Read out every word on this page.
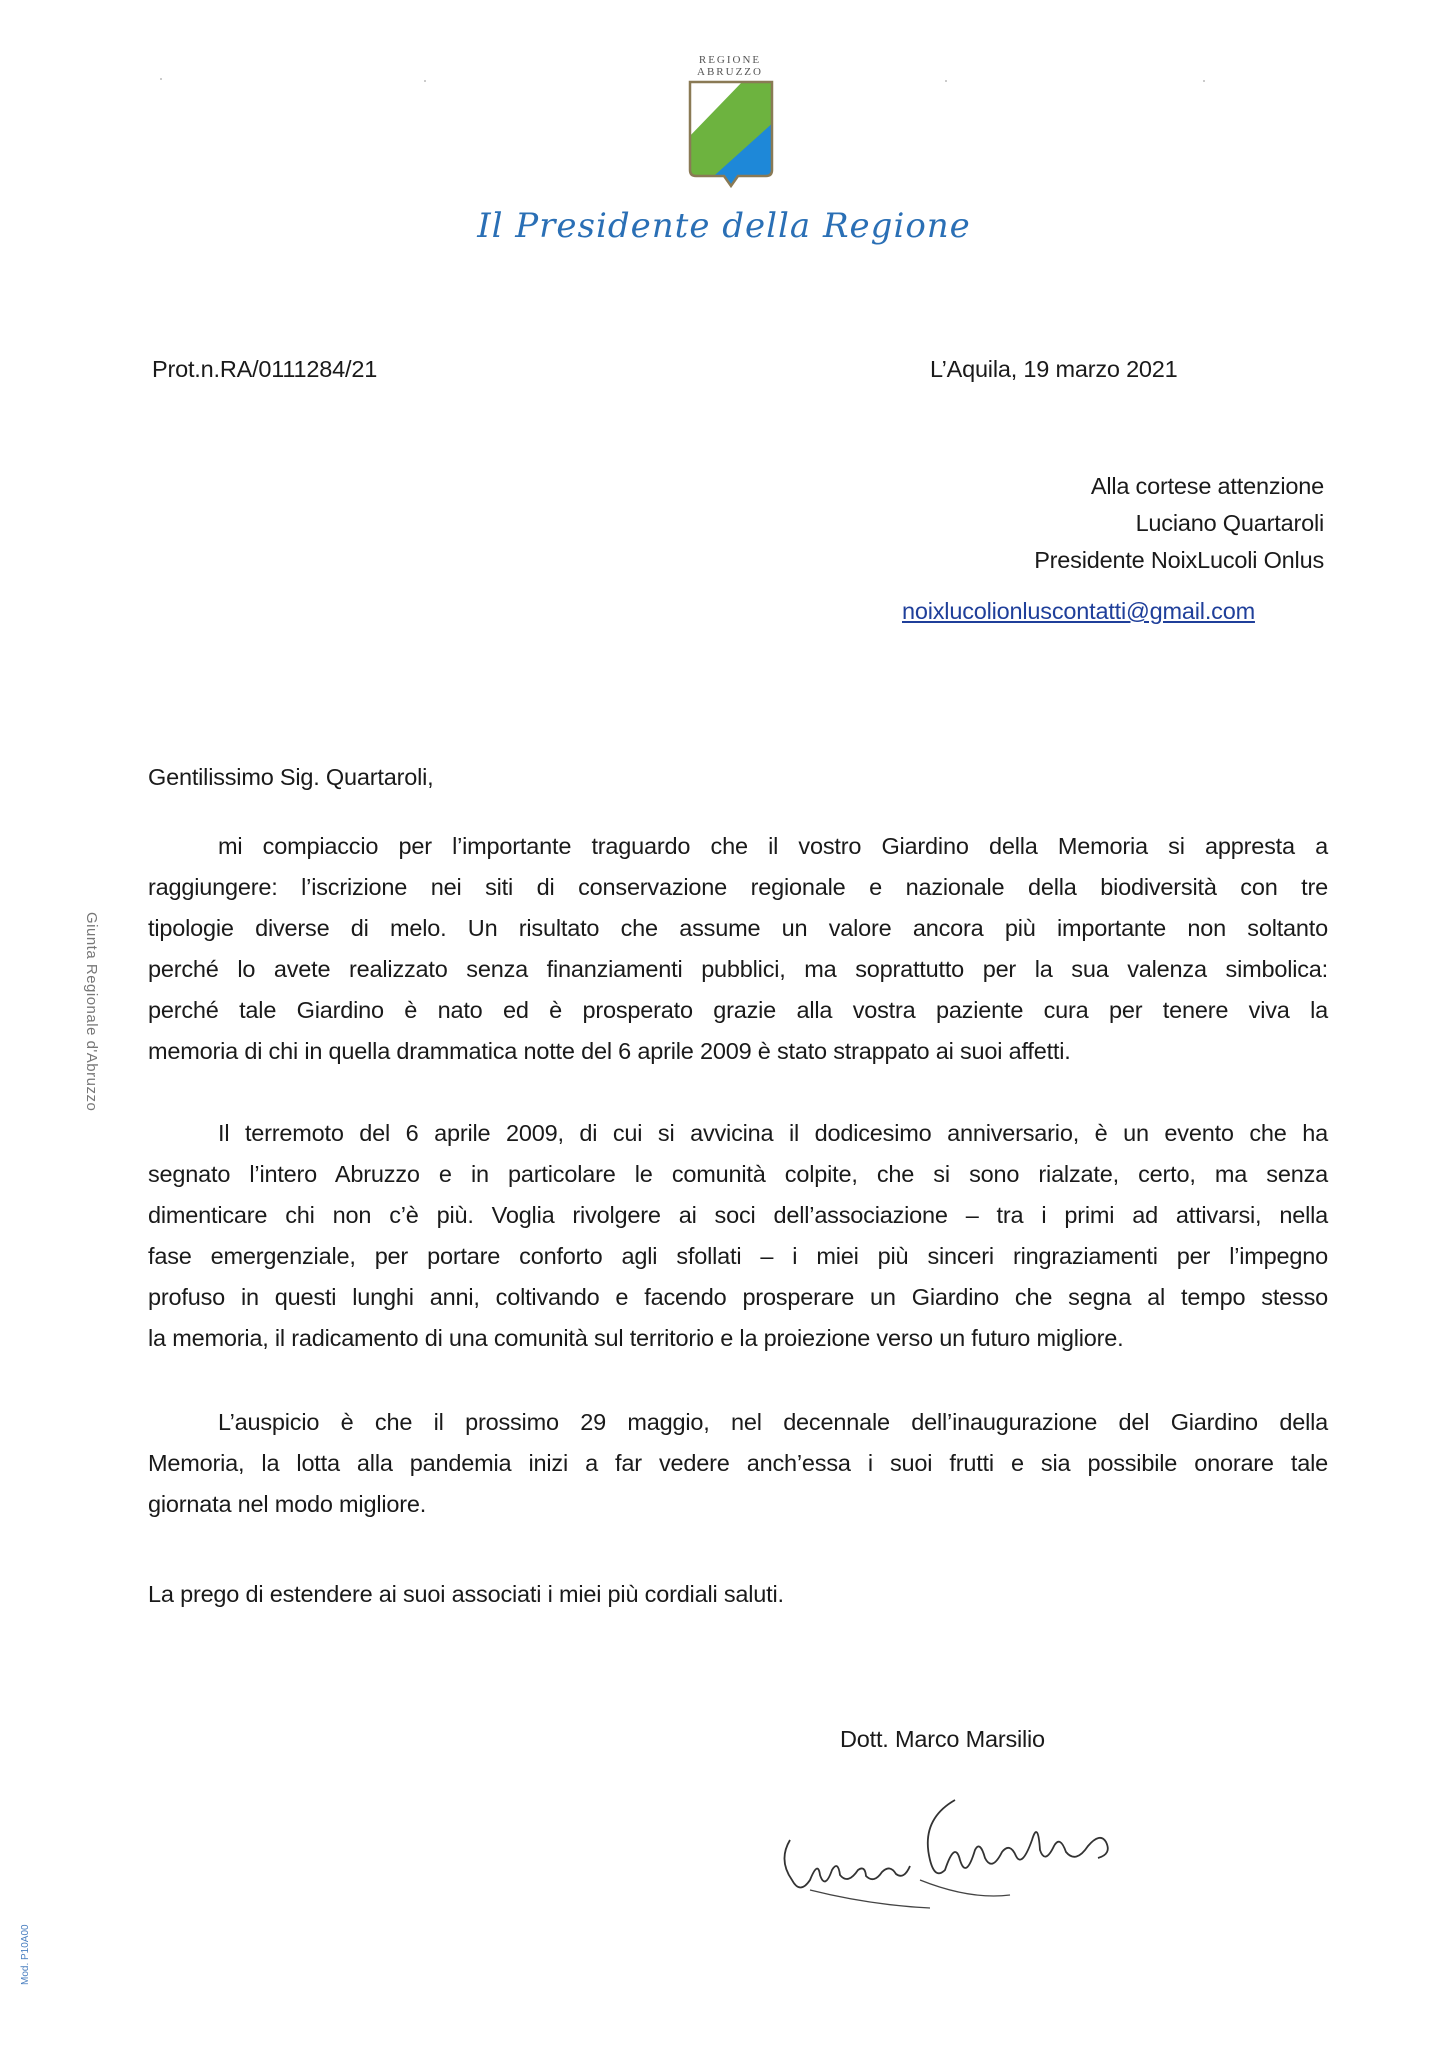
REGIONE
ABRUZZO
Il Presidente della Regione
Giunta Regionale d'Abruzzo
Mod. P10A00
Prot.n.RA/0111284/21	L’Aquila, 19 marzo 2021
Alla cortese attenzione
Luciano Quartaroli
Presidente NoixLucoli Onlus
noixlucolionluscontatti@gmail.com
Gentilissimo Sig. Quartaroli,
mi compiaccio per l’importante traguardo che il vostro Giardino della Memoria si appresta a
raggiungere: l’iscrizione nei siti di conservazione regionale e nazionale della biodiversità con tre
tipologie diverse di melo. Un risultato che assume un valore ancora più importante non soltanto
perché lo avete realizzato senza finanziamenti pubblici, ma soprattutto per la sua valenza simbolica:
perché tale Giardino è nato ed è prosperato grazie alla vostra paziente cura per tenere viva la
memoria di chi in quella drammatica notte del 6 aprile 2009 è stato strappato ai suoi affetti.
Il terremoto del 6 aprile 2009, di cui si avvicina il dodicesimo anniversario, è un evento che ha
segnato l’intero Abruzzo e in particolare le comunità colpite, che si sono rialzate, certo, ma senza
dimenticare chi non c’è più. Voglia rivolgere ai soci dell’associazione – tra i primi ad attivarsi, nella
fase emergenziale, per portare conforto agli sfollati – i miei più sinceri ringraziamenti per l’impegno
profuso in questi lunghi anni, coltivando e facendo prosperare un Giardino che segna al tempo stesso
la memoria, il radicamento di una comunità sul territorio e la proiezione verso un futuro migliore.
L’auspicio è che il prossimo 29 maggio, nel decennale dell’inaugurazione del Giardino della
Memoria, la lotta alla pandemia inizi a far vedere anch’essa i suoi frutti e sia possibile onorare tale
giornata nel modo migliore.
La prego di estendere ai suoi associati i miei più cordiali saluti.
Dott. Marco Marsilio
